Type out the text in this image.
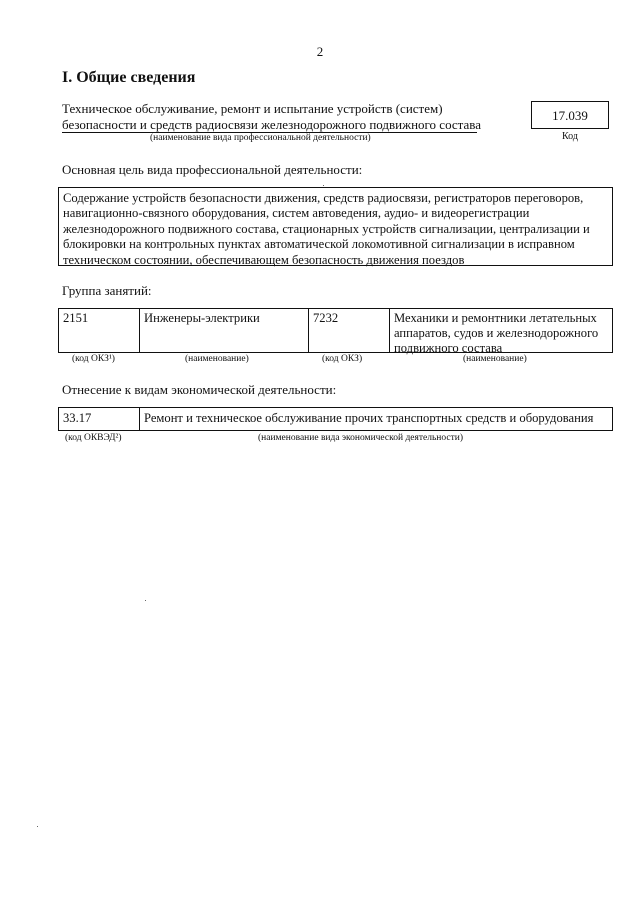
2
I. Общие сведения
Техническое обслуживание, ремонт и испытание устройств (систем) безопасности и средств радиосвязи железнодорожного подвижного состава
(наименование вида профессиональной деятельности)
17.039
Код
Основная цель вида профессиональной деятельности:
Содержание устройств безопасности движения, средств радиосвязи, регистраторов переговоров, навигационно-связного оборудования, систем автоведения, аудио- и видеорегистрации железнодорожного подвижного состава, стационарных устройств сигнализации, централизации и блокировки на контрольных пунктах автоматической локомотивной сигнализации в исправном техническом состоянии, обеспечивающем безопасность движения поездов
Группа занятий:
2151	Инженеры-электрики	7232	Механики и ремонтники летательных аппаратов, судов и железнодорожного подвижного состава
(код ОКЗ¹)	(наименование)	(код ОКЗ)	(наименование)
Отнесение к видам экономической деятельности:
33.17	Ремонт и техническое обслуживание прочих транспортных средств и оборудования
(код ОКВЭД²)	(наименование вида экономической деятельности)
